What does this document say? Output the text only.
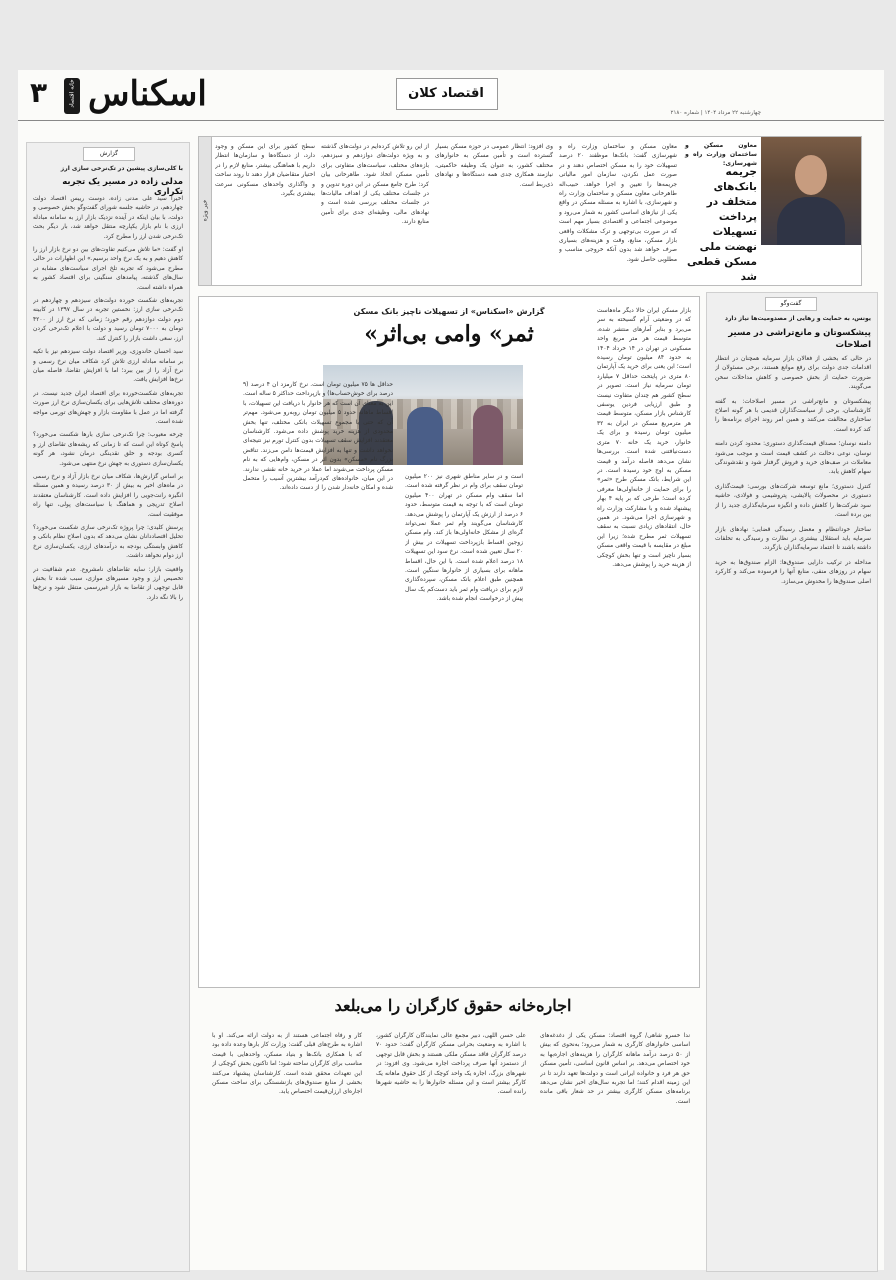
۳	خانه اقتصاد اسکناس	اقتصاد کلان
چهارشنبه ۲۲ مرداد ۱۴۰۴ | شماره ۲۱۸۰
معاون مسکن و ساختمان وزارت راه و شهرسازی:
جریمه بانک‌های متخلف در پرداخت تسهیلات نهضت ملی مسکن قطعی شد
معاون مسکن و ساختمان وزارت راه و شهرسازی گفت: بانک‌ها موظفند ۲۰ درصد تسهیلات خود را به مسکن اختصاص دهند و در صورت عمل نکردن، سازمان امور مالیاتی جریمه‌ها را تعیین و اجرا خواهد. حبیب‌اله طاهرخانی معاون مسکن و ساختمان وزارت راه و شهرسازی، با اشاره به مسئله مسکن در واقع یکی از نیازهای اساسی کشور به شمار می‌رود و موضوعی اجتماعی و اقتصادی بسیار مهم است که در صورت بی‌توجهی و ترک مشکلات واقعی بازار مسکن، منابع، وقت و هزینه‌های بسیاری صرف خواهد شد بدون آنکه خروجی مناسب و مطلوبی حاصل شود.
وی افزود: انتظار عمومی در حوزه مسکن بسیار گسترده است و تأمین مسکن به خانوارهای مختلف کشور، به عنوان یک وظیفه حاکمیتی، نیازمند همکاری جدی همه دستگاه‌ها و نهادهای ذی‌ربط است.
از این رو تلاش کرده‌ایم در دولت‌های گذشته و به ویژه دولت‌های دوازدهم و سیزدهم، بازه‌های مختلف، سیاست‌های متفاوتی برای تأمین مسکن اتخاذ شود. طاهرخانی بیان کرد: طرح جامع مسکن در این دوره تدوین و در جلسات مختلف یکی از اهداف مالیات‌ها در جلسات مختلف بررسی شده است و نهادهای مالی، وظیفه‌ای جدی برای تأمین منابع دارند.
خبر ویژه
سطح کشور برای این مسکن و وجود دارد، از دستگاه‌ها و سازمان‌ها انتظار داریم با هماهنگی بیشتر، منابع لازم را در اختیار متقاضیان قرار دهند تا روند ساخت و واگذاری واحدهای مسکونی سرعت بیشتری بگیرد.
گزارش
با کلی‌سازی پیشین در تک‌نرخی سازی ارز
مدلی زاده در مسیر یک تجربه تکراری

اخیرا سید علی مدنی زاده، دوست رییس اقتصاد دولت چهاردهم، در حاشیه جلسه شورای گفت‌وگو بخش خصوصی و دولت، با بیان اینکه در آینده نزدیک بازار ارز به سامانه مبادله ارزی با نام بازار یکپارچه منتقل خواهد شد، بار دیگر بحث تک‌نرخی شدن ارز را مطرح کرد.

او گفت: «ما تلاش می‌کنیم تفاوت‌های بین دو نرخ بازار ارز را کاهش دهیم و به یک نرخ واحد برسیم.» این اظهارات در حالی مطرح می‌شود که تجربه تلخ اجرای سیاست‌های مشابه در سال‌های گذشته، پیامدهای سنگینی برای اقتصاد کشور به همراه داشته است.

تجربه‌های شکست خورده دولت‌های سیزدهم و چهاردهم در تک‌نرخی سازی ارز: نخستین تجربه در سال ۱۳۹۷ در کابینه دوم دولت دوازدهم رقم خورد؛ زمانی که نرخ ارز از ۴۲۰۰ تومان به ۷۰۰۰ تومان رسید و دولت با اعلام تک‌نرخی کردن ارز، سعی داشت بازار را کنترل کند.

سید احسان خاندوزی، وزیر اقتصاد دولت سیزدهم نیز با تکیه بر سامانه مبادله ارزی تلاش کرد شکاف میان نرخ رسمی و نرخ آزاد را از بین ببرد؛ اما با افزایش تقاضا، فاصله میان نرخ‌ها افزایش یافت.

تجربه‌های شکست‌خورده برای اقتصاد ایران جدید نیست. در دوره‌های مختلف تلاش‌هایی برای یکسان‌سازی نرخ ارز صورت گرفته اما در عمل با مقاومت بازار و جهش‌های تورمی مواجه شده است.

چرخه معیوب: چرا تک‌نرخی سازی بارها شکست می‌خورد؟ پاسخ کوتاه این است که تا زمانی که ریشه‌های تقاضای ارز و کسری بودجه و خلق نقدینگی درمان نشود، هر گونه یکسان‌سازی دستوری به جهش نرخ منتهی می‌شود.

بر اساس گزارش‌ها، شکاف میان نرخ بازار آزاد و نرخ رسمی در ماه‌های اخیر به بیش از ۳۰ درصد رسیده و همین مسئله انگیزه رانت‌جویی را افزایش داده است. کارشناسان معتقدند اصلاح تدریجی و هماهنگ با سیاست‌های پولی، تنها راه موفقیت است.

پرسش کلیدی: چرا پروژه تک‌نرخی سازی شکست می‌خورد؟ تحلیل اقتصاددانان نشان می‌دهد که بدون اصلاح نظام بانکی و کاهش وابستگی بودجه به درآمدهای ارزی، یکسان‌سازی نرخ ارز دوام نخواهد داشت.

واقعیت بازار: سایه تقاضاهای نامشروع. عدم شفافیت در تخصیص ارز و وجود مسیرهای موازی، سبب شده تا بخش قابل توجهی از تقاضا به بازار غیررسمی منتقل شود و نرخ‌ها را بالا نگه دارد.

گفت‌وگو
یونس، به حمایت و رهایی از مصدومیت‌ها نیاز دارد
پیشکسوتان و مانع‌تراشی در مسیر اصلاحات

در حالی که بخشی از فعالان بازار سرمایه همچنان در انتظار اقدامات جدی دولت برای رفع موانع هستند، برخی مسئولان از ضرورت حمایت از بخش خصوصی و کاهش مداخلات سخن می‌گویند.

پیشکسوتان و مانع‌تراشی در مسیر اصلاحات: به گفته کارشناسان، برخی از سیاست‌گذاران قدیمی با هر گونه اصلاح ساختاری مخالفت می‌کنند و همین امر روند اجرای برنامه‌ها را کند کرده است.

دامنه نوسان؛ مصداق قیمت‌گذاری دستوری: محدود کردن دامنه نوسان، نوعی دخالت در کشف قیمت است و موجب می‌شود معاملات در صف‌های خرید و فروش گرفتار شود و نقدشوندگی سهام کاهش یابد.

کنترل دستوری؛ مانع توسعه شرکت‌های بورسی: قیمت‌گذاری دستوری در محصولات پالایشی، پتروشیمی و فولادی، حاشیه سود شرکت‌ها را کاهش داده و انگیزه سرمایه‌گذاری جدید را از بین برده است.

ساختار خودانتظام و معضل رسیدگی قضایی: نهادهای بازار سرمایه باید استقلال بیشتری در نظارت و رسیدگی به تخلفات داشته باشند تا اعتماد سرمایه‌گذاران بازگردد.

مداخله در ترکیب دارایی صندوق‌ها: الزام صندوق‌ها به خرید سهام در روزهای منفی، منابع آنها را فرسوده می‌کند و کارکرد اصلی صندوق‌ها را مخدوش می‌سازد.

گزارش «اسکناس» از تسهیلات ناچیز بانک مسکن
«ثمر» وامی بی‌اثر
بازار مسکن ایران حالا دیگر ماه‌هاست که در وضعیتی آرام گسیخته به سر می‌برد و بنابر آمارهای منتشر شده، متوسط قیمت هر متر مربع واحد مسکونی در تهران در ۱۴ خرداد ۱۴۰۴ به حدود ۸۴ میلیون تومان رسیده است؛ این یعنی برای خرید یک آپارتمان ۸۰ متری در پایتخت حداقل ۷ میلیارد تومان سرمایه نیاز است. تصویر در سطح کشور هم چندان متفاوت نیست و طبق ارزیابی فردین یوسفی کارشناس بازار مسکن، متوسط قیمت هر مترمربع مسکن در ایران به ۳۲ میلیون تومان رسیده و برای یک خانوار، خرید یک خانه ۷۰ متری دست‌نیافتنی شده است. بررسی‌ها نشان می‌دهد فاصله درآمد و قیمت مسکن به اوج خود رسیده است. در این شرایط، بانک مسکن طرح «ثمر» را برای حمایت از خانه‌اولی‌ها معرفی کرده است؛ طرحی که بر پایه ۴ بهار پیشنهاد شده و با مشارکت وزارت راه و شهرسازی اجرا می‌شود. در همین حال، انتقادهای زیادی نسبت به سقف تسهیلات ثمر مطرح شده؛ زیرا این مبلغ در مقایسه با قیمت واقعی مسکن بسیار ناچیز است و تنها بخش کوچکی از هزینه خرید را پوشش می‌دهد.
است و در سایر مناطق شهری نیز ۲۰۰ میلیون تومان سقف برای وام در نظر گرفته شده است. اما سقف وام مسکن در تهران ۴۰۰ میلیون تومان است که با توجه به قیمت متوسط، حدود ۶ درصد از ارزش یک آپارتمان را پوشش می‌دهد. کارشناسان می‌گویند وام ثمر عملا نمی‌تواند گره‌ای از مشکل خانه‌اولی‌ها باز کند. وام مسکن زوجین اقساط بازپرداخت تسهیلات در بیش از ۲۰ سال تعیین شده است. نرخ سود این تسهیلات ۱۸ درصد اعلام شده است. با این حال، اقساط ماهانه برای بسیاری از خانوارها سنگین است. همچنین طبق اعلام بانک مسکن، سپرده‌گذاری لازم برای دریافت وام ثمر باید دست‌کم یک سال پیش از درخواست انجام شده باشد.
حداقل ها ۷۵ میلیون تومان است. نرخ کارمزد آن ۴ درصد (۹ درصد برای خوش‌حساب‌ها) و بازپرداخت حداکثر ۵ ساله است. این به معنای آن است که هر خانوار با دریافت این تسهیلات، با اقساط ماهانه حدود ۵ میلیون تومان روبه‌رو می‌شود. مهم‌تر آن که حتی با مجموع تسهیلات بانکی مختلف، تنها بخش محدودی از هزینه خرید پوشش داده می‌شود. کارشناسان معتقدند افزایش سقف تسهیلات بدون کنترل تورم نیز نتیجه‌ای نخواهد داشت و تنها به افزایش قیمت‌ها دامن می‌زند. تناقض بزرگ نام «مسکن» بدون اثر در مسکن، وام‌هایی که به نام مسکن پرداخت می‌شوند اما عملا در خرید خانه نقشی ندارند. در این میان، خانواده‌های کم‌درآمد بیشترین آسیب را متحمل شده و امکان خانه‌دار شدن را از دست داده‌اند.
اجاره‌خانه حقوق کارگران را می‌بلعد
ندا خسرو شاهی/ گروه اقتصاد: مسکن یکی از دغدغه‌های اساسی خانوارهای کارگری به شمار می‌رود؛ به‌نحوی که بیش از ۵۰ درصد درآمد ماهانه کارگران را هزینه‌های اجاره‌بها به خود اختصاص می‌دهد. بر اساس قانون اساسی، تأمین مسکن حق هر فرد و خانواده ایرانی است و دولت‌ها تعهد دارند تا در این زمینه اقدام کنند؛ اما تجربه سال‌های اخیر نشان می‌دهد برنامه‌های مسکن کارگری بیشتر در حد شعار باقی مانده است.
علی‌ حسن اللهی، دبیر مجمع عالی نمایندگان کارگران کشور، با اشاره به وضعیت بحرانی مسکن کارگران گفت: حدود ۷۰ درصد کارگران فاقد مسکن ملکی هستند و بخش قابل توجهی از دستمزد آنها صرف پرداخت اجاره می‌شود. وی افزود: در شهرهای بزرگ، اجاره یک واحد کوچک از کل حقوق ماهانه یک کارگر بیشتر است و این مسئله خانوارها را به حاشیه شهرها رانده است.
کار و رفاه اجتماعی هستند از به دولت ارائه می‌کند. او با اشاره به طرح‌های قبلی گفت: وزارت کار بارها وعده داده بود که با همکاری بانک‌ها و بنیاد مسکن، واحدهایی با قیمت مناسب برای کارگران ساخته شود؛ اما تاکنون بخش کوچکی از این تعهدات محقق شده است. کارشناسان پیشنهاد می‌کنند بخشی از منابع صندوق‌های بازنشستگی برای ساخت مسکن اجاره‌ای ارزان‌قیمت اختصاص یابد.
